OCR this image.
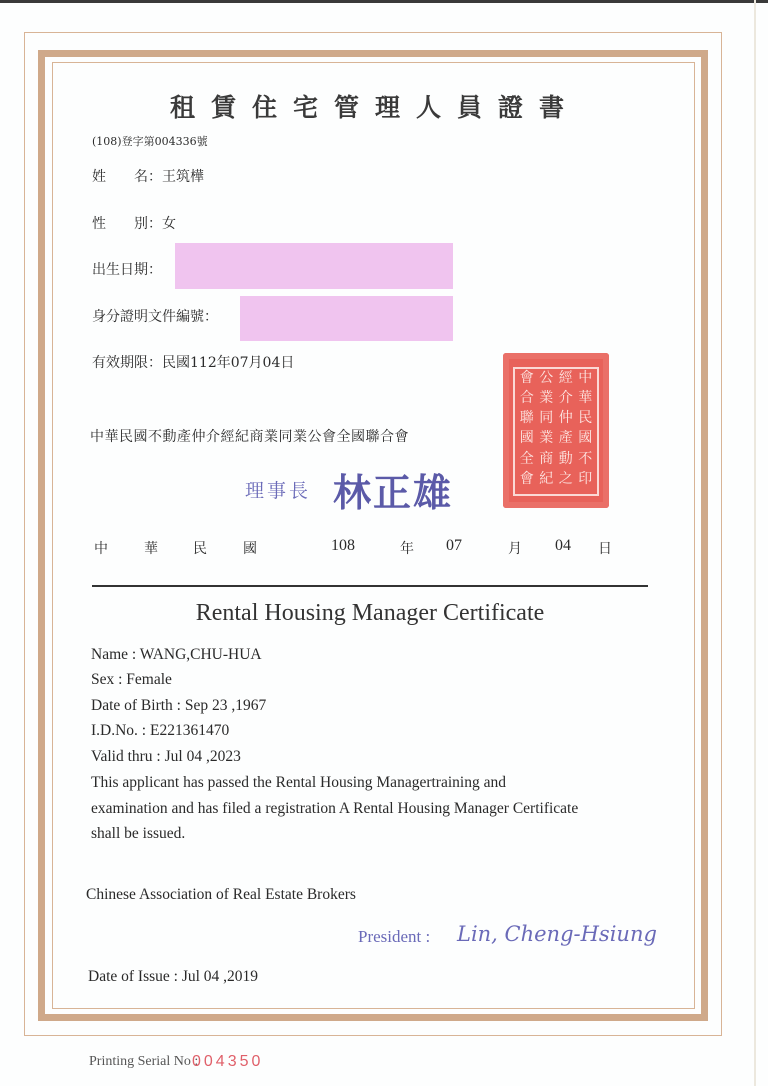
租賃住宅管理人員證書
(108)登字第004336號
姓　　名：王筑樺
性　　別：女
出生日期：
身分證明文件編號：
有效期限：民國112年07月04日
會 公 經 中
合 業 介 華
聯 同 仲 民
國 業 產 國
全 商 動 不
會 紀 之 印
中華民國不動產仲介經紀商業同業公會全國聯合會
理事長 林正雄
中	華	民	國	108	年 07	月 04 日
Rental Housing Manager Certificate
Name : WANG,CHU-HUA
Sex : Female
Date of Birth : Sep 23 ,1967
I.D.No. : E221361470
Valid thru : Jul 04 ,2023
This applicant has passed the Rental Housing Managertraining and
examination and has filed a registration A Rental Housing Manager Certificate
shall be issued.
Chinese Association of Real Estate Brokers
President : Lin, Cheng-Hsiung
Date of Issue : Jul 04 ,2019
Printing Serial No :
004350
